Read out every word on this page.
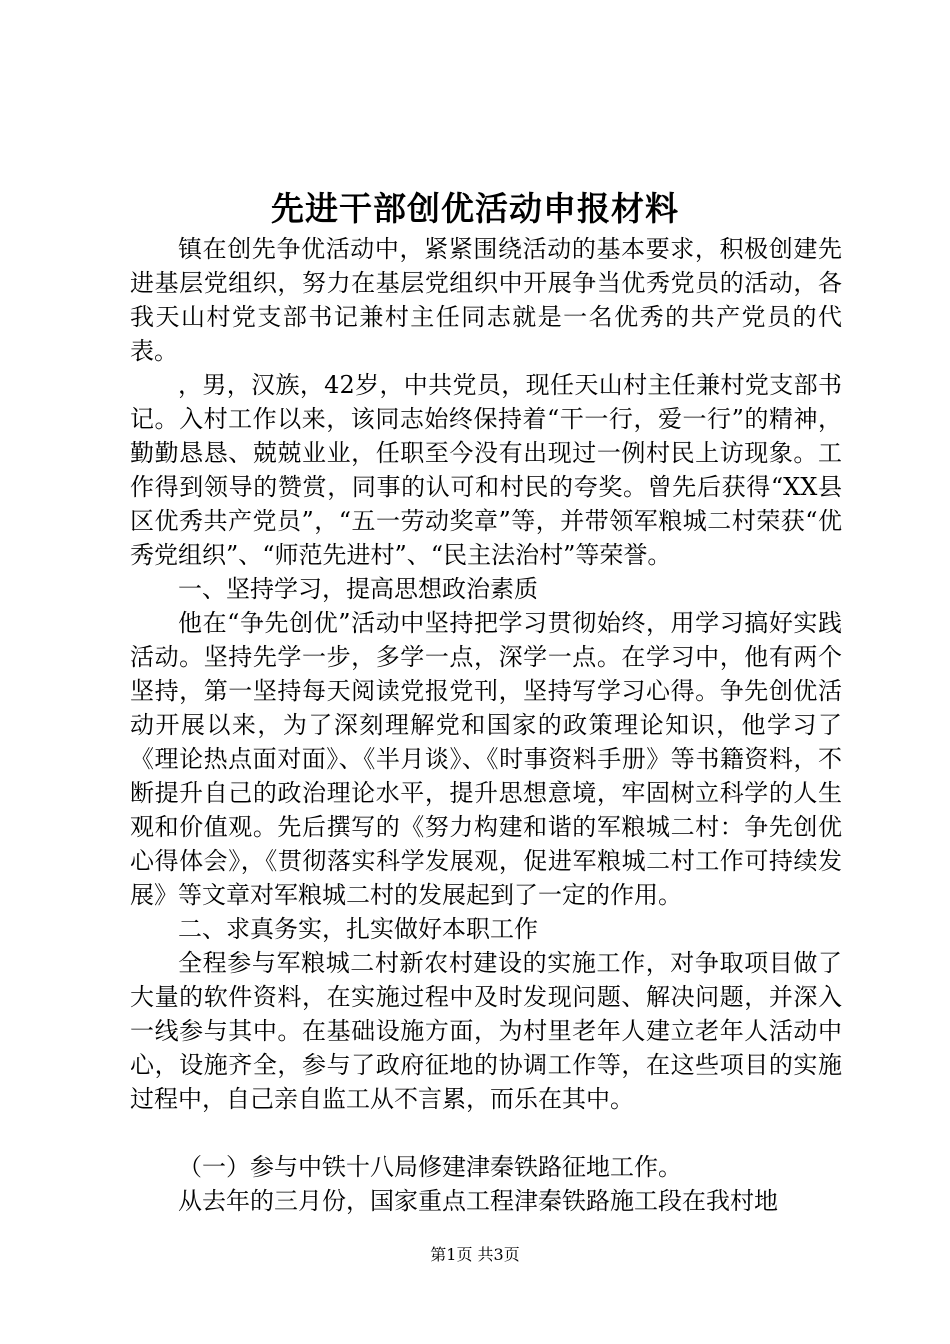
先进干部创优活动申报材料

镇在创先争优活动中，紧紧围绕活动的基本要求，积极创建先进基层党组织，努力在基层党组织中开展争当优秀党员的活动，各我天山村党支部书记兼村主任同志就是一名优秀的共产党员的代表。

，男，汉族，42岁，中共党员，现任天山村主任兼村党支部书记。入村工作以来，该同志始终保持着“干一行，爱一行”的精神，勤勤恳恳、兢兢业业，任职至今没有出现过一例村民上访现象。工作得到领导的赞赏，同事的认可和村民的夸奖。曾先后获得“XX县区优秀共产党员”，“五一劳动奖章”等，并带领军粮城二村荣获“优秀党组织”、“师范先进村”、“民主法治村”等荣誉。

一、坚持学习，提高思想政治素质

他在“争先创优”活动中坚持把学习贯彻始终，用学习搞好实践活动。坚持先学一步，多学一点，深学一点。在学习中，他有两个坚持，第一坚持每天阅读党报党刊，坚持写学习心得。争先创优活动开展以来，为了深刻理解党和国家的政策理论知识，他学习了《理论热点面对面》、《半月谈》、《时事资料手册》等书籍资料，不断提升自己的政治理论水平，提升思想意境，牢固树立科学的人生观和价值观。先后撰写的《努力构建和谐的军粮城二村：争先创优心得体会》，《贯彻落实科学发展观，促进军粮城二村工作可持续发展》等文章对军粮城二村的发展起到了一定的作用。

二、求真务实，扎实做好本职工作

全程参与军粮城二村新农村建设的实施工作，对争取项目做了大量的软件资料，在实施过程中及时发现问题、解决问题，并深入一线参与其中。在基础设施方面，为村里老年人建立老年人活动中心，设施齐全，参与了政府征地的协调工作等，在这些项目的实施过程中，自己亲自监工从不言累，而乐在其中。

（一）参与中铁十八局修建津秦铁路征地工作。

从去年的三月份，国家重点工程津秦铁路施工段在我村地

第1页 共3页
